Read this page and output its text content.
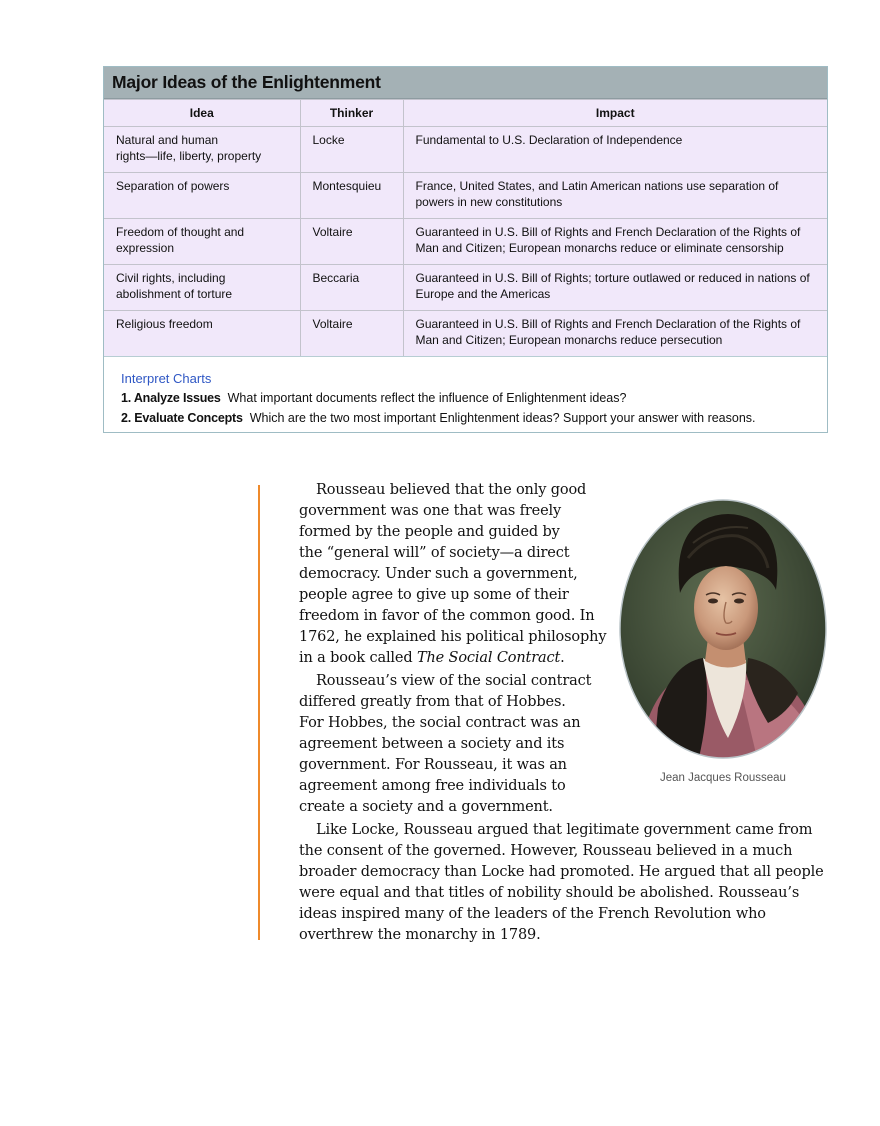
Major Ideas of the Enlightenment
Idea	Thinker	Impact
Natural and human
rights—life, liberty, property	Locke	Fundamental to U.S. Declaration of Independence
Separation of powers	Montesquieu	France, United States, and Latin American nations use separation of
powers in new constitutions
Freedom of thought and
expression	Voltaire	Guaranteed in U.S. Bill of Rights and French Declaration of the Rights of
Man and Citizen; European monarchs reduce or eliminate censorship
Civil rights, including
abolishment of torture	Beccaria	Guaranteed in U.S. Bill of Rights; torture outlawed or reduced in nations of
Europe and the Americas
Religious freedom	Voltaire	Guaranteed in U.S. Bill of Rights and French Declaration of the Rights of
Man and Citizen; European monarchs reduce persecution
Interpret Charts
1. Analyze Issues What important documents reflect the influence of Enlightenment ideas?
2. Evaluate Concepts Which are the two most important Enlightenment ideas? Support your answer with reasons.
Rousseau believed that the only good
government was one that was freely
formed by the people and guided by
the “general will” of society—a direct
democracy. Under such a government,
people agree to give up some of their
freedom in favor of the common good. In
1762, he explained his political philosophy
in a book called The Social Contract.
Rousseau’s view of the social contract
differed greatly from that of Hobbes.
For Hobbes, the social contract was an
agreement between a society and its
government. For Rousseau, it was an
agreement among free individuals to
create a society and a government.
Like Locke, Rousseau argued that legitimate government came from
the consent of the governed. However, Rousseau believed in a much
broader democracy than Locke had promoted. He argued that all people
were equal and that titles of nobility should be abolished. Rousseau’s
ideas inspired many of the leaders of the French Revolution who
overthrew the monarchy in 1789.
Jean Jacques Rousseau
